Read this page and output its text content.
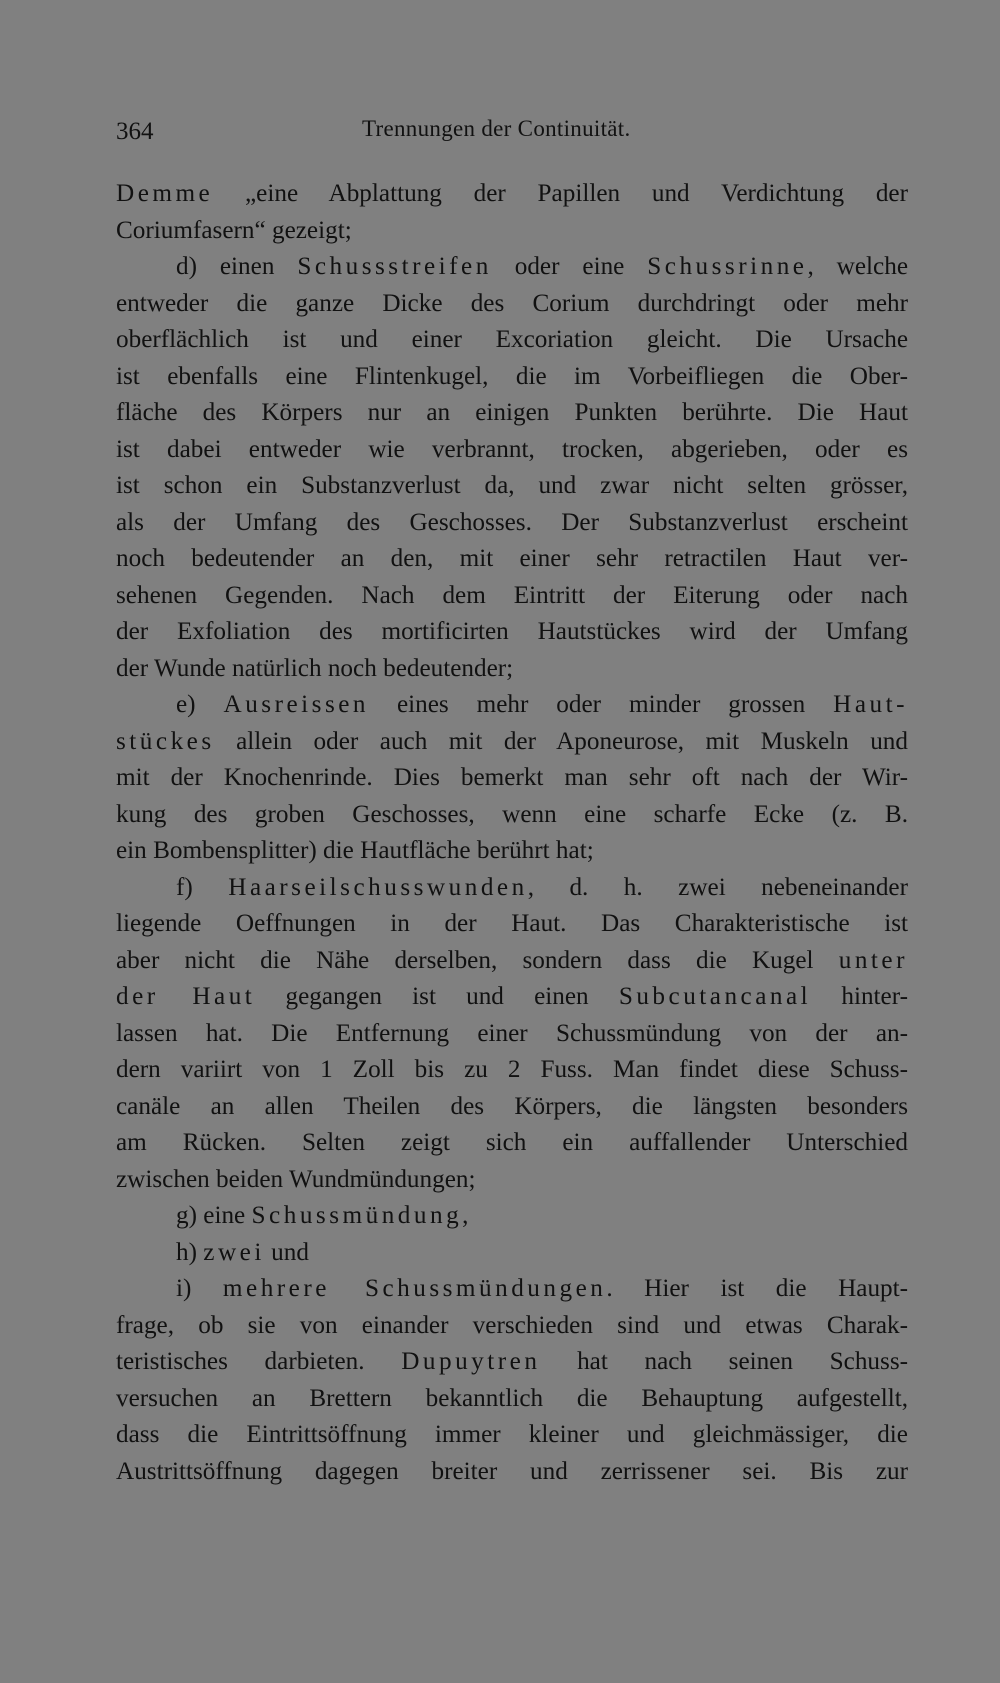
364	Trennungen der Continuität.
Demme „eine Abplattung der Papillen und Verdichtung der
Coriumfasern“ gezeigt;
d) einen Schussstreifen oder eine Schussrinne, welche
entweder die ganze Dicke des Corium durchdringt oder mehr
oberflächlich ist und einer Excoriation gleicht. Die Ursache
ist ebenfalls eine Flintenkugel, die im Vorbeifliegen die Ober-
fläche des Körpers nur an einigen Punkten berührte. Die Haut
ist dabei entweder wie verbrannt, trocken, abgerieben, oder es
ist schon ein Substanzverlust da, und zwar nicht selten grösser,
als der Umfang des Geschosses. Der Substanzverlust erscheint
noch bedeutender an den, mit einer sehr retractilen Haut ver-
sehenen Gegenden. Nach dem Eintritt der Eiterung oder nach
der Exfoliation des mortificirten Hautstückes wird der Umfang
der Wunde natürlich noch bedeutender;
e) Ausreissen eines mehr oder minder grossen Haut-
stückes allein oder auch mit der Aponeurose, mit Muskeln und
mit der Knochenrinde. Dies bemerkt man sehr oft nach der Wir-
kung des groben Geschosses, wenn eine scharfe Ecke (z. B.
ein Bombensplitter) die Hautfläche berührt hat;
f) Haarseilschusswunden, d. h. zwei nebeneinander
liegende Oeffnungen in der Haut. Das Charakteristische ist
aber nicht die Nähe derselben, sondern dass die Kugel unter
der Haut gegangen ist und einen Subcutancanal hinter-
lassen hat. Die Entfernung einer Schussmündung von der an-
dern variirt von 1 Zoll bis zu 2 Fuss. Man findet diese Schuss-
canäle an allen Theilen des Körpers, die längsten besonders
am Rücken. Selten zeigt sich ein auffallender Unterschied
zwischen beiden Wundmündungen;
g) eine Schussmündung,
h) zwei und
i) mehrere Schussmündungen. Hier ist die Haupt-
frage, ob sie von einander verschieden sind und etwas Charak-
teristisches darbieten. Dupuytren hat nach seinen Schuss-
versuchen an Brettern bekanntlich die Behauptung aufgestellt,
dass die Eintrittsöffnung immer kleiner und gleichmässiger, die
Austrittsöffnung dagegen breiter und zerrissener sei. Bis zur
